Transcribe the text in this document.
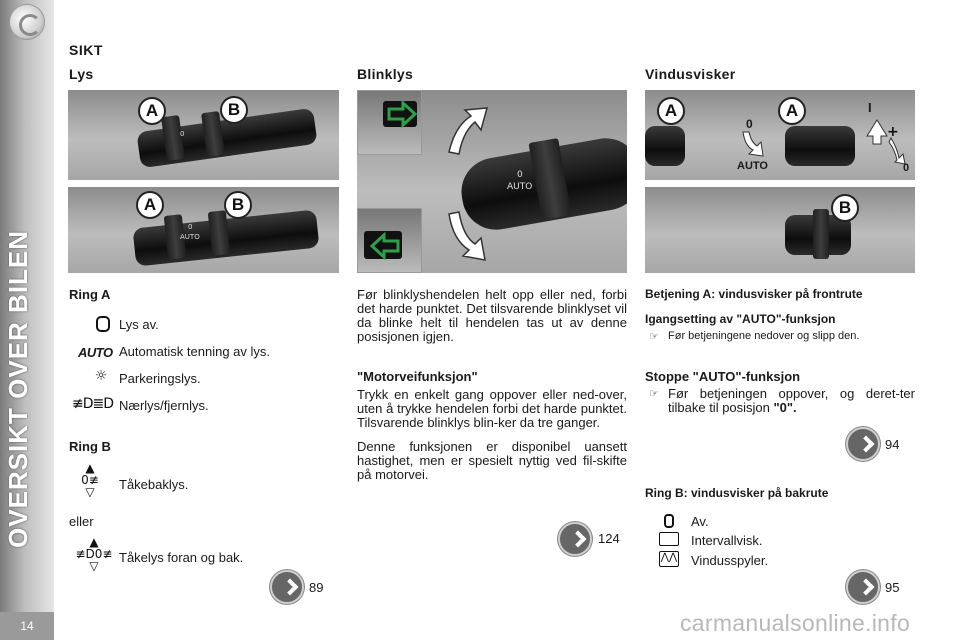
OVERSIKT OVER BILEN
14
SIKT
Lys
0
A	B
0
AUTO
A	B
Ring A
Lys av.
AUTO Automatisk tenning av lys.
☼ Parkeringslys.
≢D≣D Nærlys/fjernlys.
Ring B
▲
0≢
▽	Tåkebaklys.
eller
▲
≢D0≢
▽
Tåkelys foran og bak.
89
Blinklys
0
AUTO
Før blinklyshendelen helt opp eller ned, forbi det harde punktet. Det tilsvarende blinklyset vil da blinke helt til hendelen tas ut av denne posisjonen igjen.
"Motorveifunksjon"
Trykk en enkelt gang oppover eller ned-over, uten å trykke hendelen forbi det harde punktet. Tilsvarende blinklys blin-ker da tre ganger.
Denne funksjonen er disponibel uansett hastighet, men er spesielt nyttig ved fil-skifte på motorvei.
124
Vindusvisker
A	A
0
AUTO
I
+
0
B
Betjening A: vindusvisker på frontrute
Igangsetting av "AUTO"-funksjon
☞ Før betjeningene nedover og slipp den.
Stoppe "AUTO"-funksjon
☞ Før betjeningen oppover, og deret-ter tilbake til posisjon "0".
94
Ring B: vindusvisker på bakrute
Av.
Intervallvisk.
⋀⋀ Vindusspyler.
95
carmanualsonline.info
